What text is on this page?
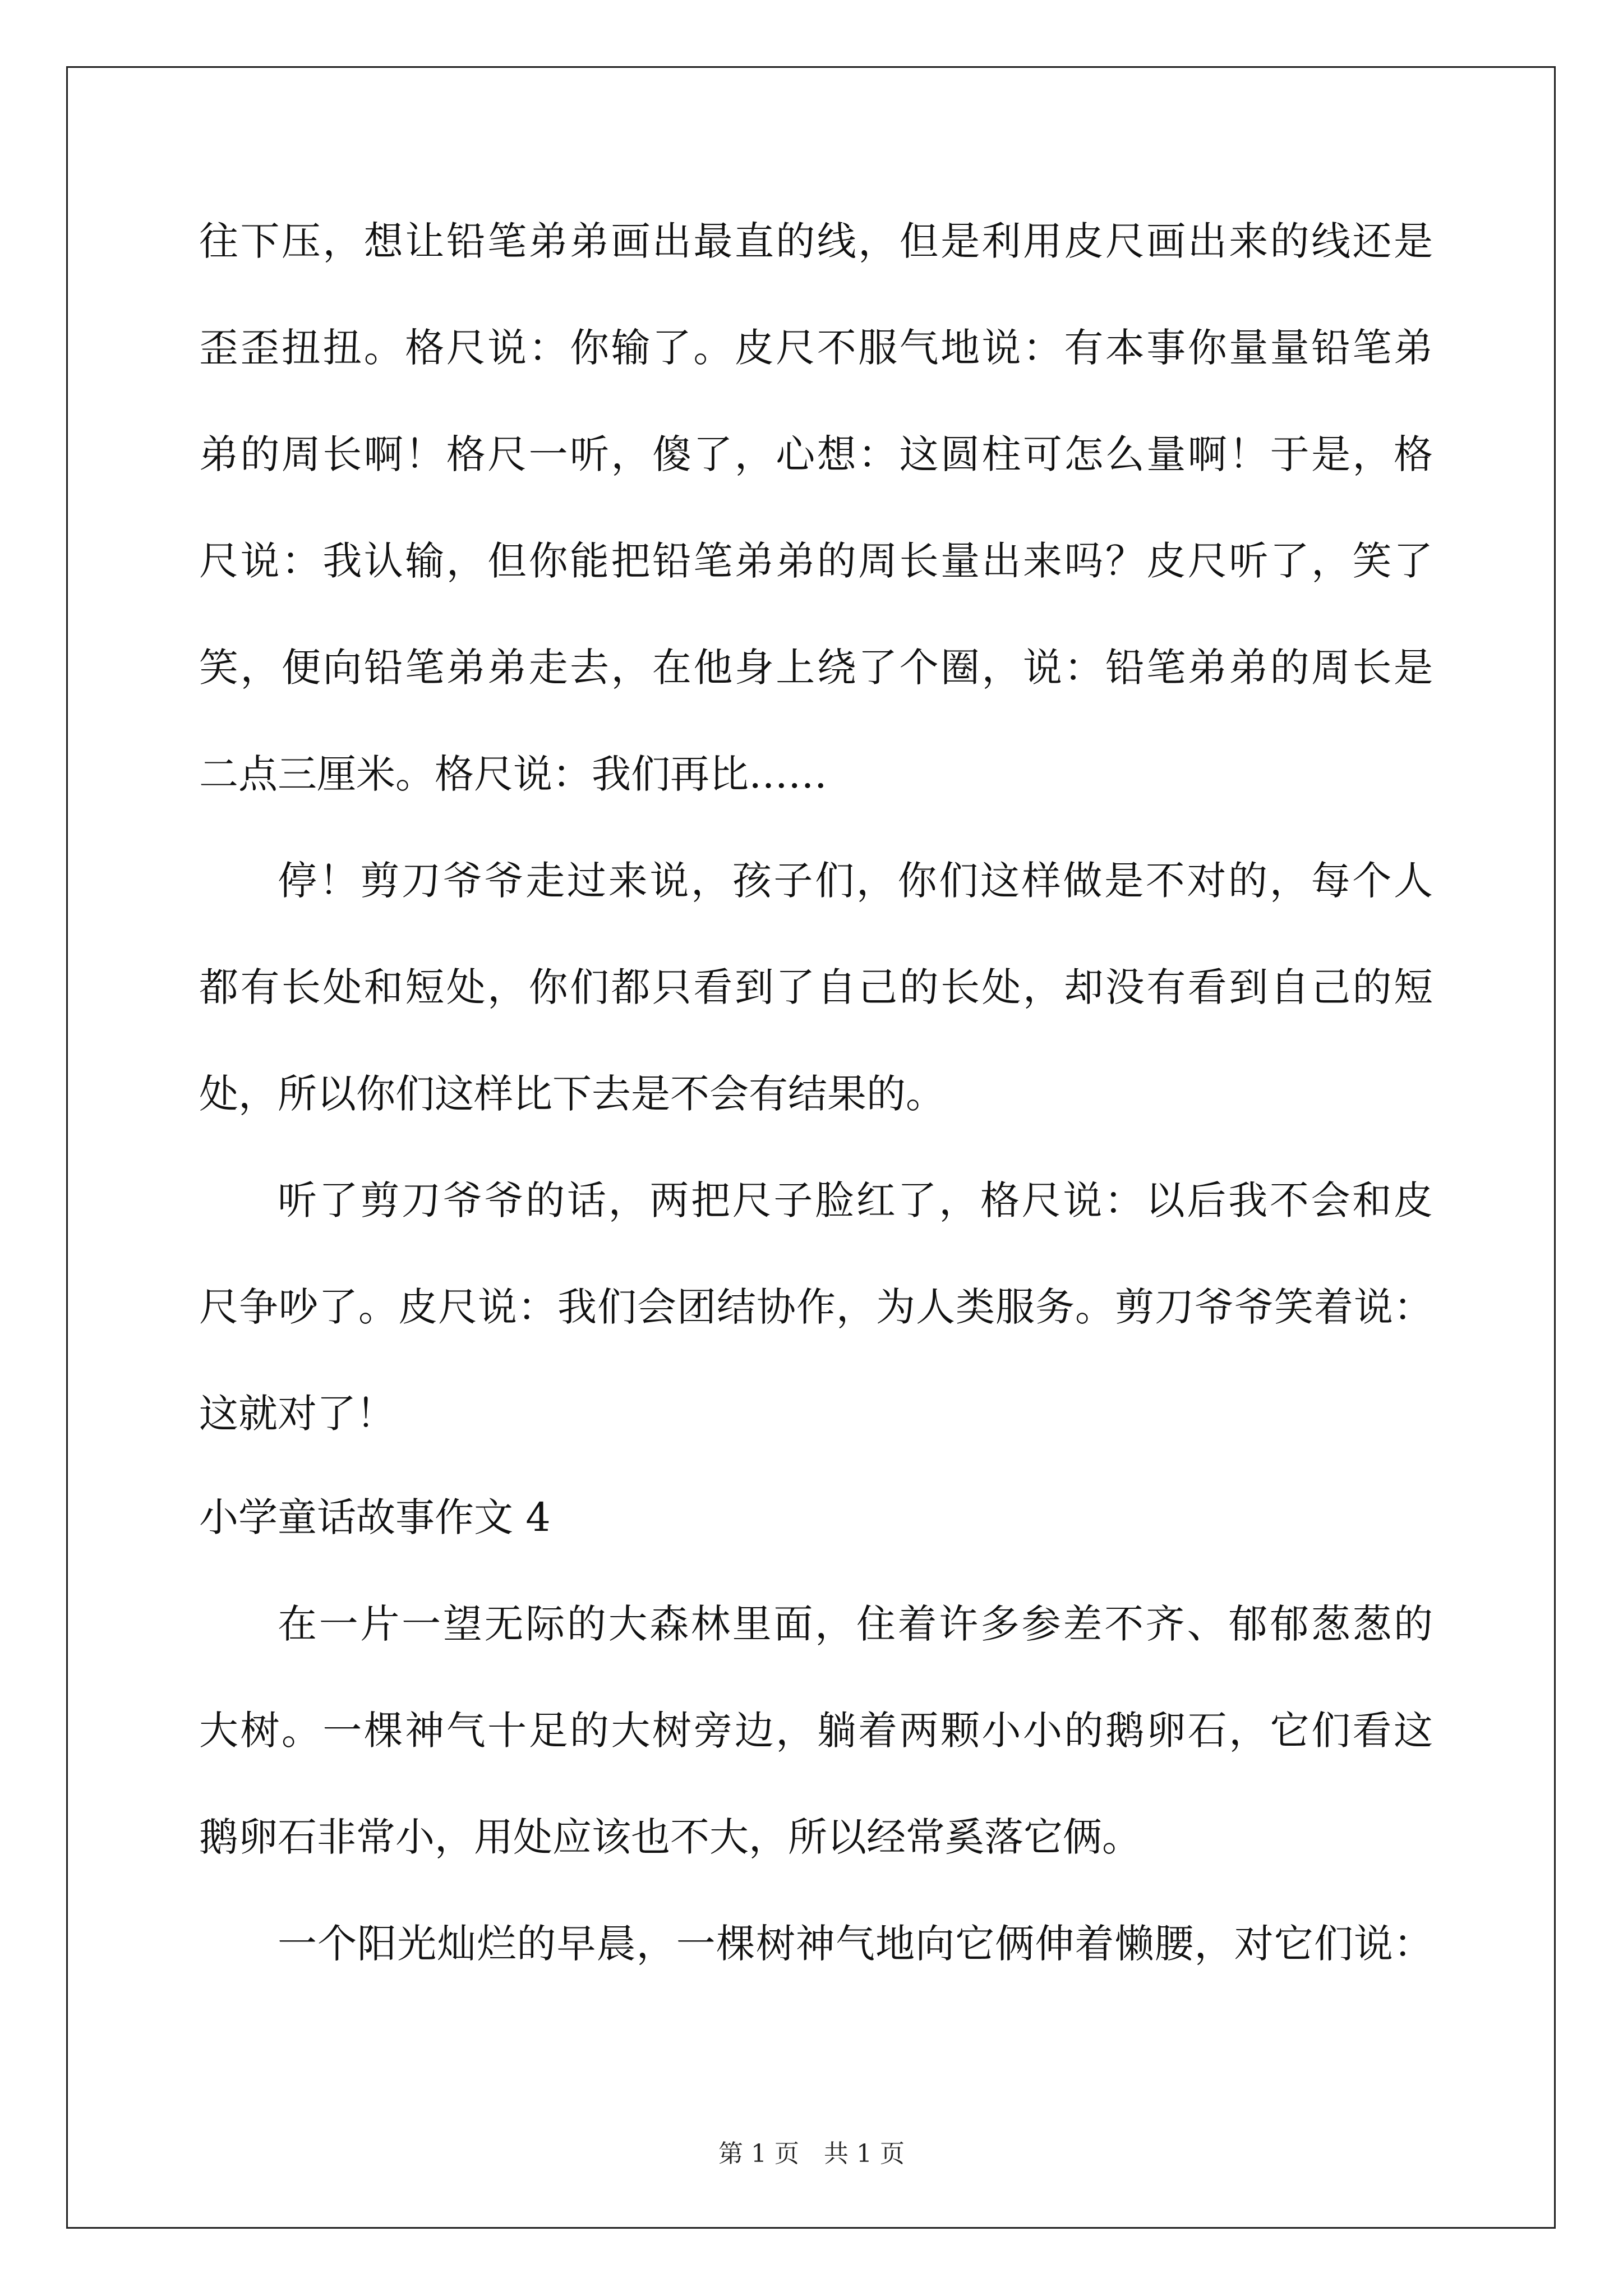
往下压，想让铅笔弟弟画出最直的线，但是利用皮尺画出来的线还是
歪歪扭扭。格尺说：你输了。皮尺不服气地说：有本事你量量铅笔弟
弟的周长啊！格尺一听，傻了，心想：这圆柱可怎么量啊！于是，格
尺说：我认输，但你能把铅笔弟弟的周长量出来吗？皮尺听了，笑了
笑，便向铅笔弟弟走去，在他身上绕了个圈，说：铅笔弟弟的周长是
二点三厘米。格尺说：我们再比……
停！剪刀爷爷走过来说，孩子们，你们这样做是不对的，每个人
都有长处和短处，你们都只看到了自己的长处，却没有看到自己的短
处，所以你们这样比下去是不会有结果的。
听了剪刀爷爷的话，两把尺子脸红了，格尺说：以后我不会和皮
尺争吵了。皮尺说：我们会团结协作，为人类服务。剪刀爷爷笑着说：
这就对了！
小学童话故事作文 4
在一片一望无际的大森林里面，住着许多参差不齐、郁郁葱葱的
大树。一棵神气十足的大树旁边，躺着两颗小小的鹅卵石，它们看这
鹅卵石非常小，用处应该也不大，所以经常奚落它俩。
一个阳光灿烂的早晨，一棵树神气地向它俩伸着懒腰，对它们说：
第 1 页　共 1 页
